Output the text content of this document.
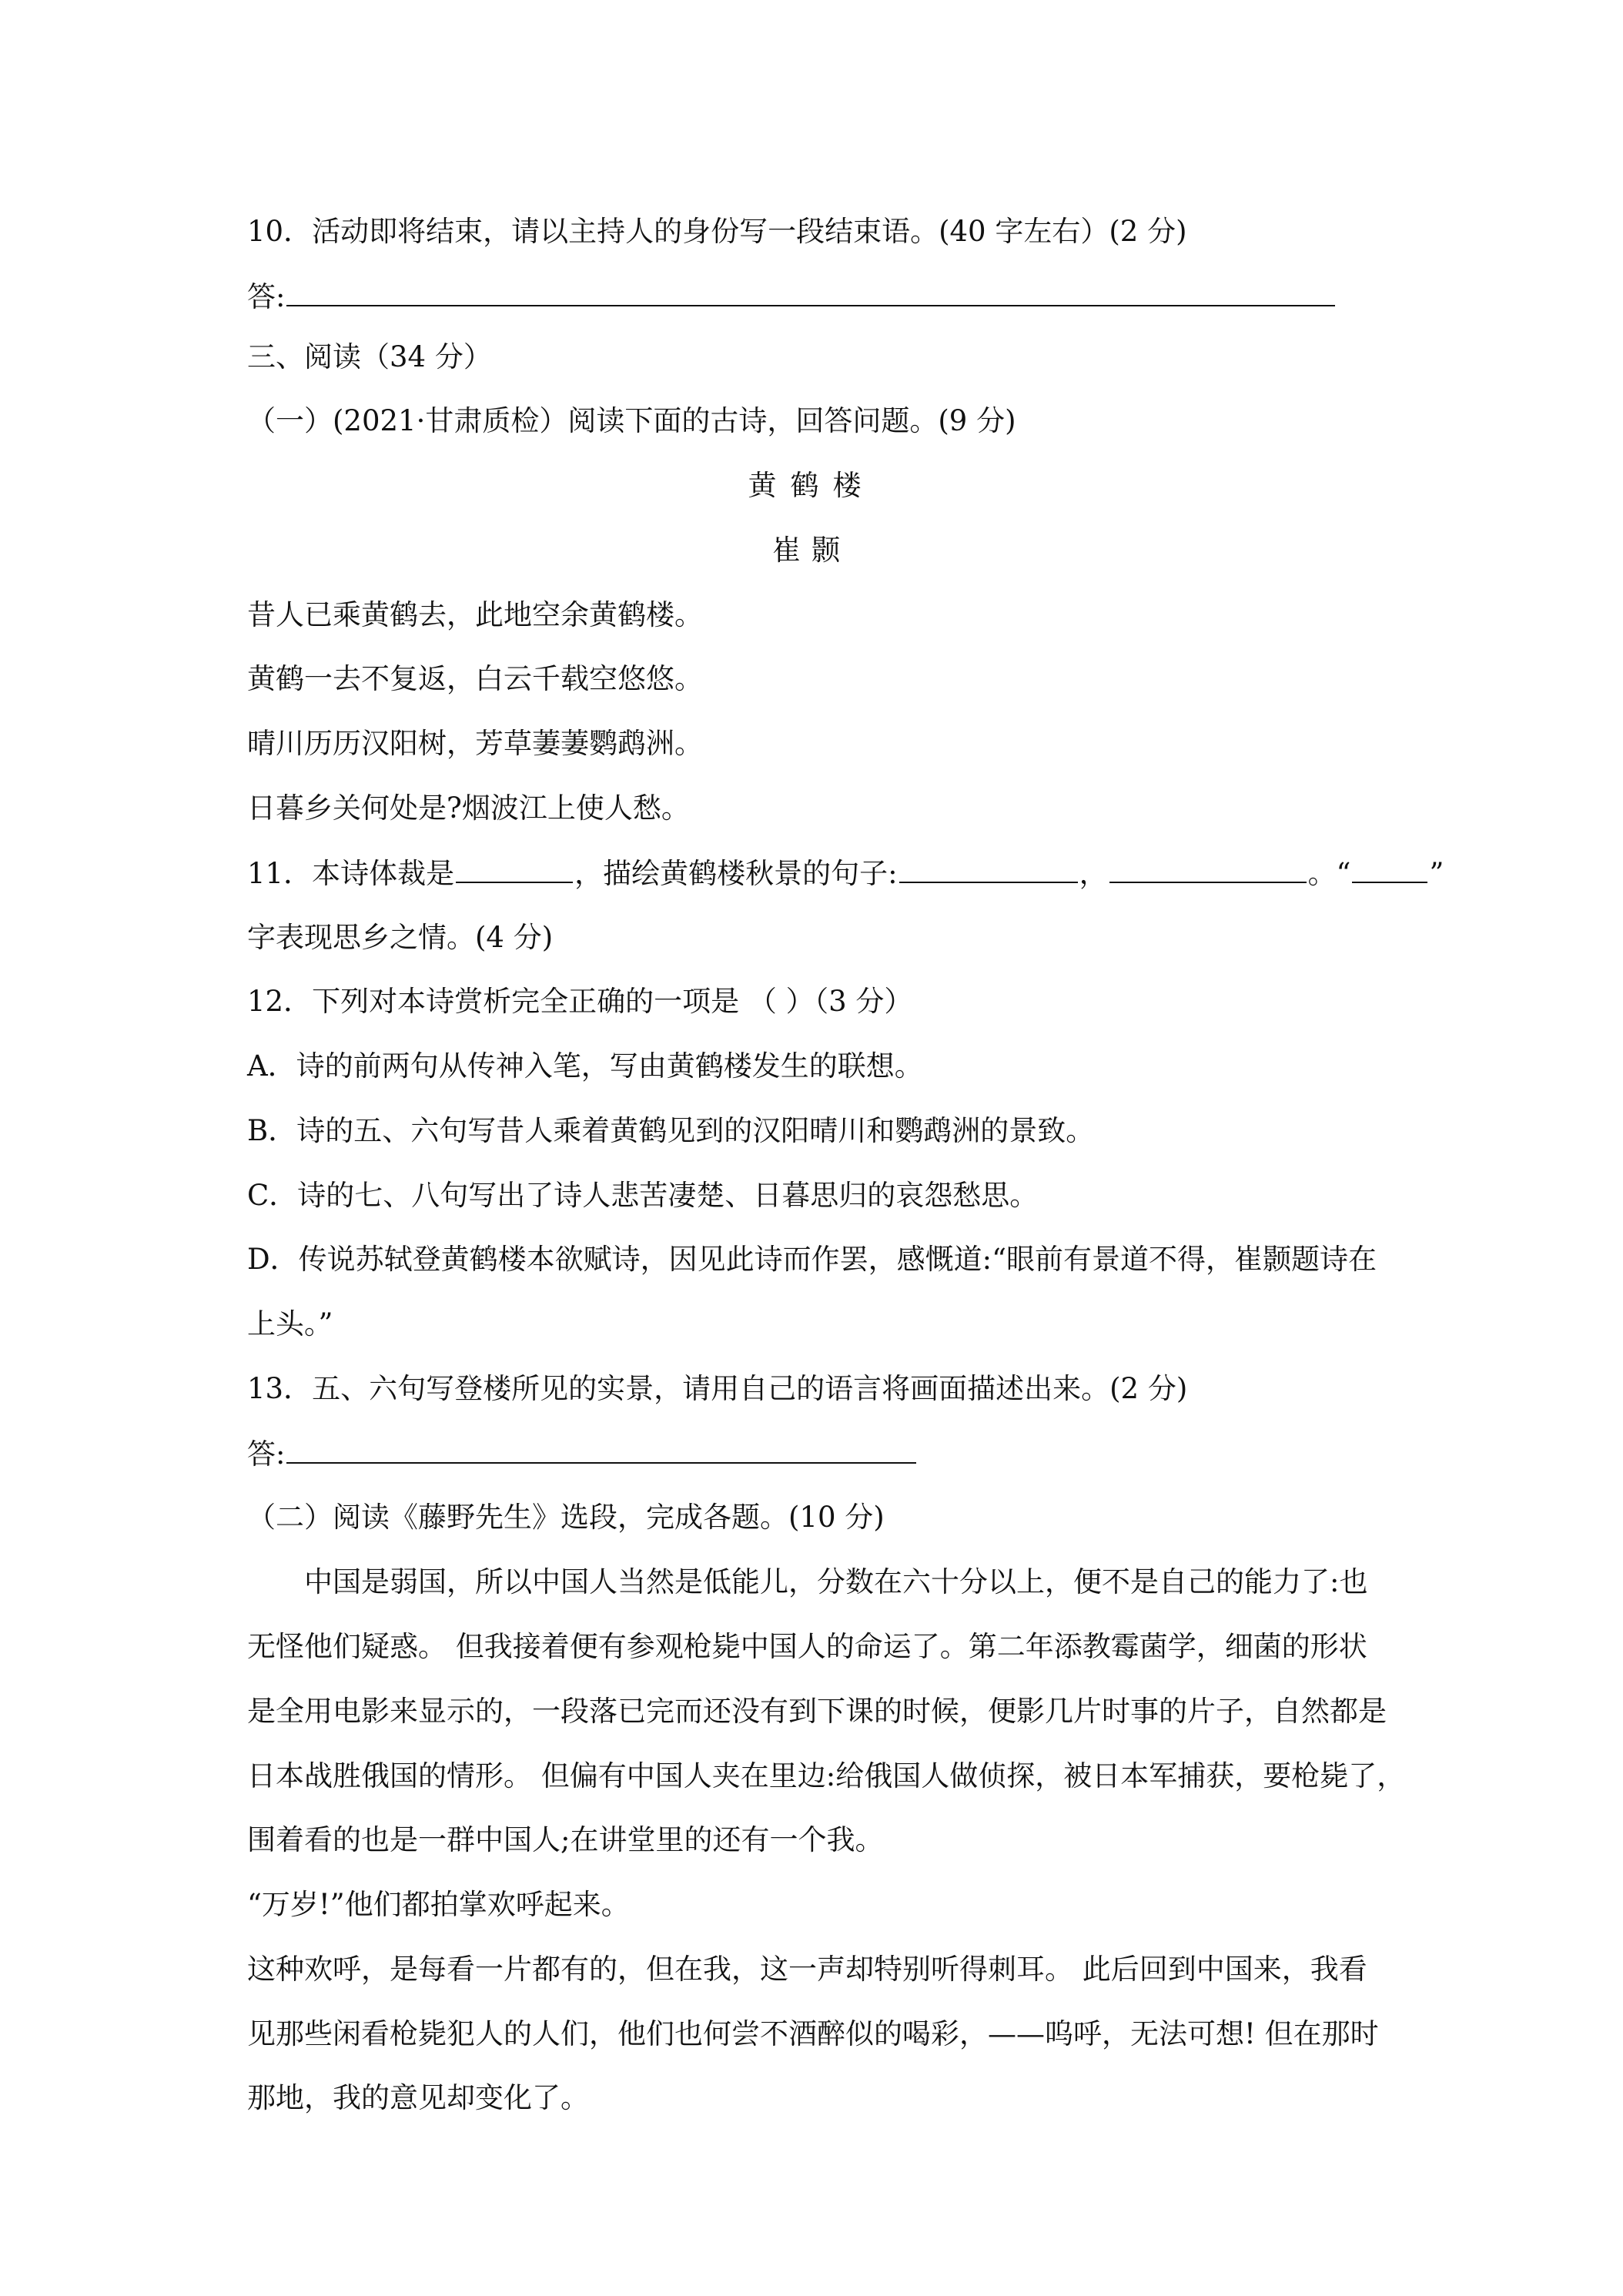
10．活动即将结束，请以主持人的身份写一段结束语。(40 字左右）(2 分)
答:
三、阅读（34 分）
（一）(2021·甘肃质检）阅读下面的古诗，回答问题。(9 分)
黄鹤楼
崔颢
昔人已乘黄鹤去，此地空余黄鹤楼。
黄鹤一去不复返，白云千载空悠悠。
晴川历历汉阳树，芳草萋萋鹦鹉洲。
日暮乡关何处是?烟波江上使人愁。
11．本诗体裁是	，描绘黄鹤楼秋景的句子:	，	。“	”
字表现思乡之情。(4 分)
12．下列对本诗赏析完全正确的一项是 （ ）（3 分）
A．诗的前两句从传神入笔，写由黄鹤楼发生的联想。
B．诗的五、六句写昔人乘着黄鹤见到的汉阳晴川和鹦鹉洲的景致。
C．诗的七、八句写出了诗人悲苦凄楚、日暮思归的哀怨愁思。
D．传说苏轼登黄鹤楼本欲赋诗，因见此诗而作罢，感慨道:“眼前有景道不得，崔颢题诗在
上头。”
13．五、六句写登楼所见的实景，请用自己的语言将画面描述出来。(2 分)
答:
（二）阅读《藤野先生》选段，完成各题。(10 分)
中国是弱国，所以中国人当然是低能儿，分数在六十分以上，便不是自己的能力了:也
无怪他们疑惑。 但我接着便有参观枪毙中国人的命运了。第二年添教霉菌学，细菌的形状
是全用电影来显示的，一段落已完而还没有到下课的时候，便影几片时事的片子，自然都是
日本战胜俄国的情形。 但偏有中国人夹在里边:给俄国人做侦探，被日本军捕获，要枪毙了，
围着看的也是一群中国人;在讲堂里的还有一个我。
“万岁!”他们都拍掌欢呼起来。
这种欢呼，是每看一片都有的，但在我，这一声却特别听得刺耳。 此后回到中国来，我看
见那些闲看枪毙犯人的人们，他们也何尝不酒醉似的喝彩，——呜呼，无法可想! 但在那时
那地，我的意见却变化了。
